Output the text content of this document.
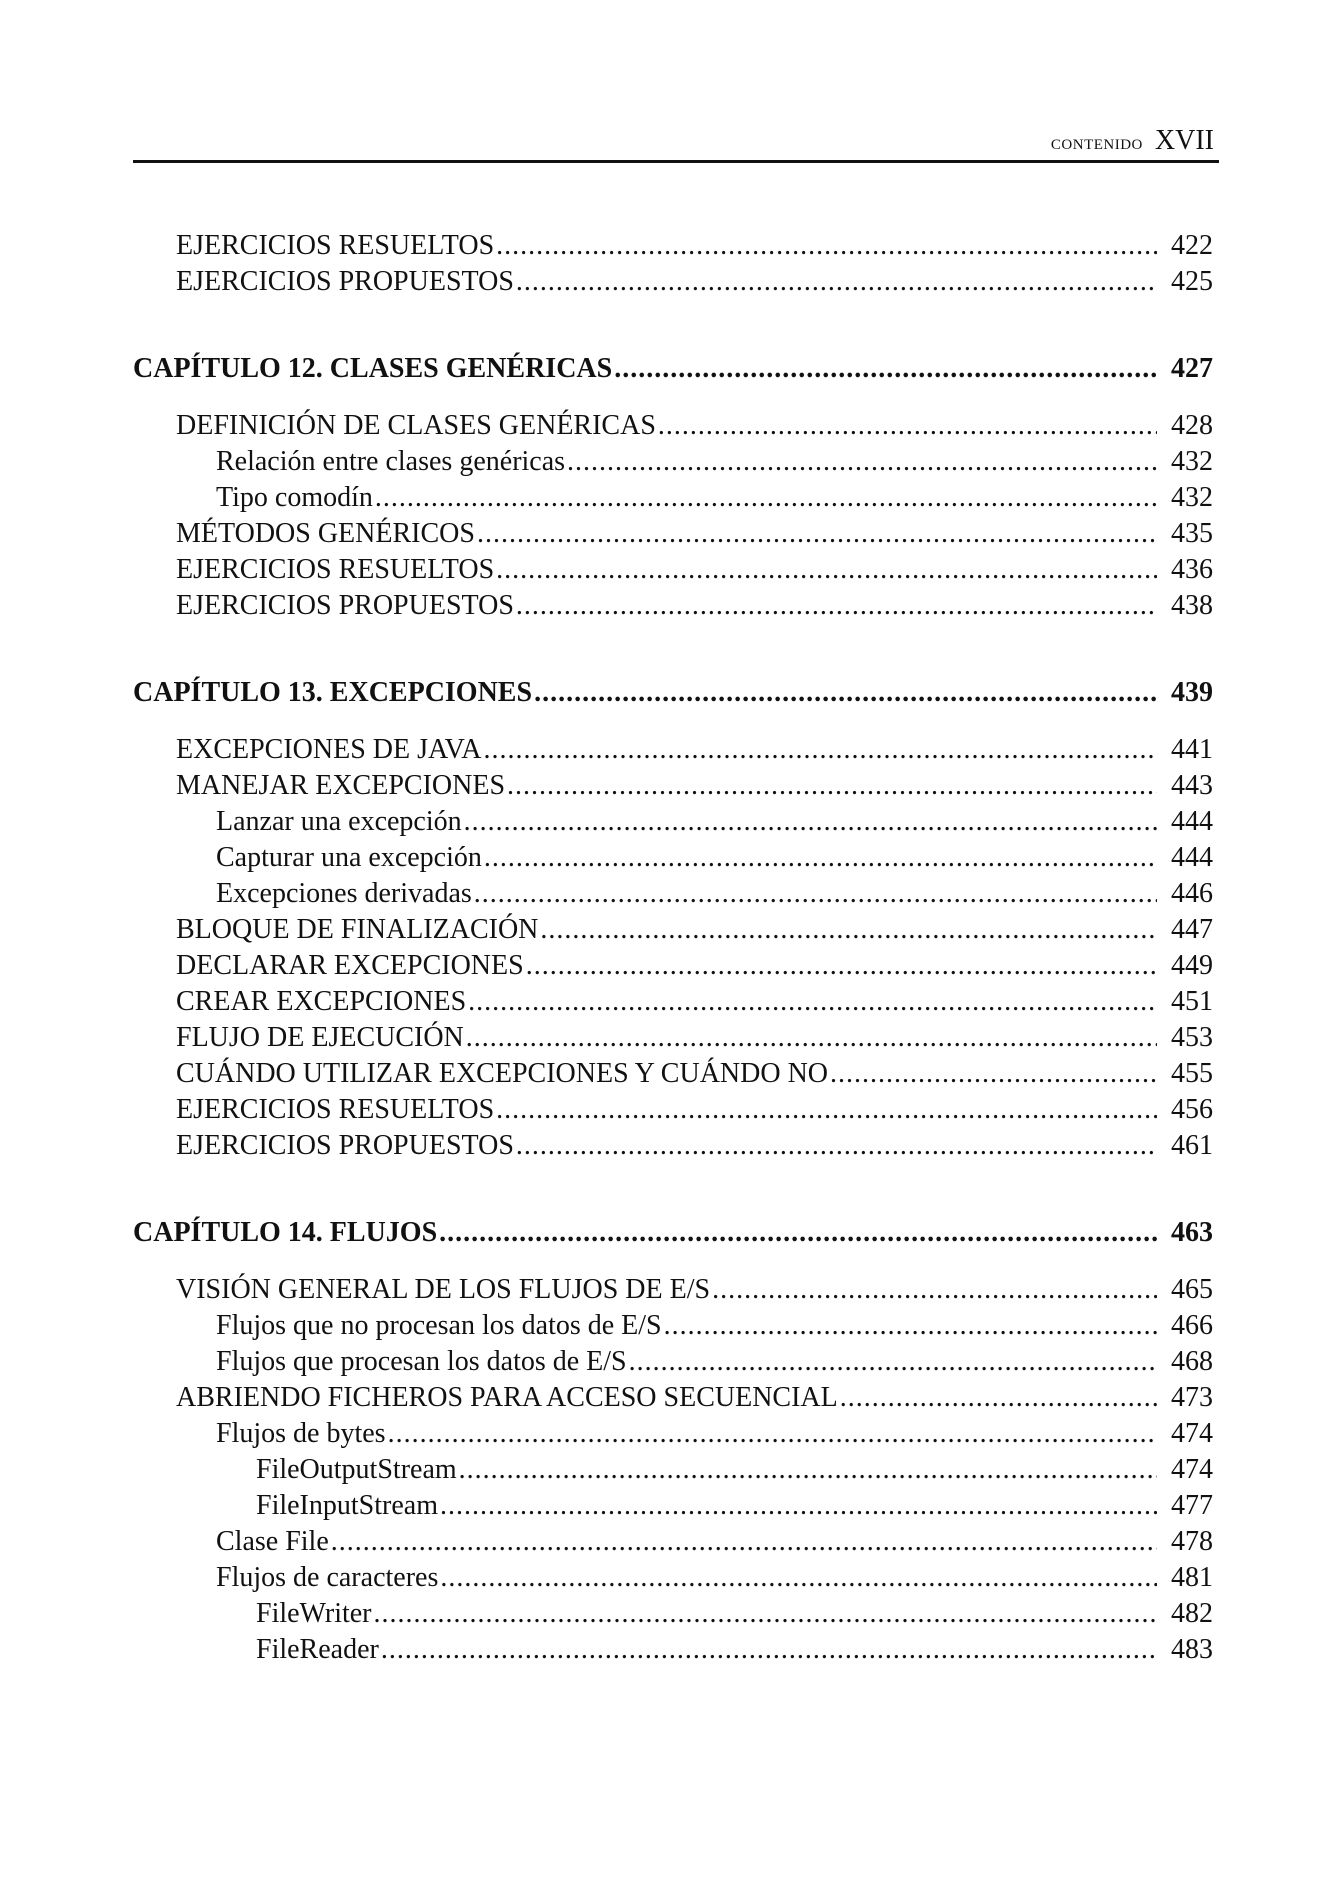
contenido XVII
EJERCICIOS RESUELTOS .....	422
EJERCICIOS PROPUESTOS .....	425
CAPÍTULO 12. CLASES GENÉRICAS .....	427
DEFINICIÓN DE CLASES GENÉRICAS .....	428
Relación entre clases genéricas .....	432
Tipo comodín .....	432
MÉTODOS GENÉRICOS .....	435
EJERCICIOS RESUELTOS .....	436
EJERCICIOS PROPUESTOS .....	438
CAPÍTULO 13. EXCEPCIONES .....	439
EXCEPCIONES DE JAVA .....	441
MANEJAR EXCEPCIONES .....	443
Lanzar una excepción .....	444
Capturar una excepción .....	444
Excepciones derivadas .....	446
BLOQUE DE FINALIZACIÓN .....	447
DECLARAR EXCEPCIONES .....	449
CREAR EXCEPCIONES .....	451
FLUJO DE EJECUCIÓN .....	453
CUÁNDO UTILIZAR EXCEPCIONES Y CUÁNDO NO .....	455
EJERCICIOS RESUELTOS .....	456
EJERCICIOS PROPUESTOS .....	461
CAPÍTULO 14. FLUJOS .....	463
VISIÓN GENERAL DE LOS FLUJOS DE E/S .....	465
Flujos que no procesan los datos de E/S .....	466
Flujos que procesan los datos de E/S .....	468
ABRIENDO FICHEROS PARA ACCESO SECUENCIAL .....	473
Flujos de bytes .....	474
FileOutputStream .....	474
FileInputStream .....	477
Clase File .....	478
Flujos de caracteres .....	481
FileWriter .....	482
FileReader .....	483
